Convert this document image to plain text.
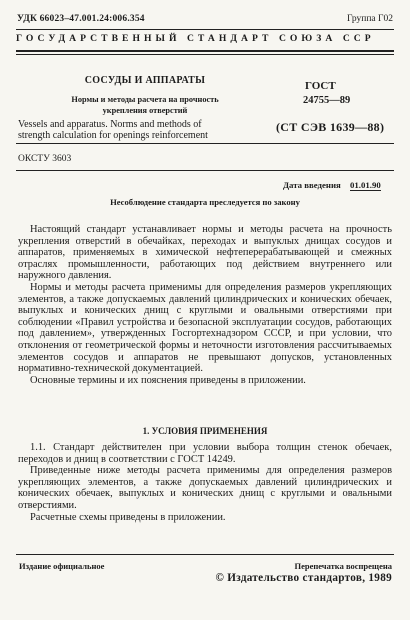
УДК 66023–47.001.24:006.354	Группа Г02
ГОСУДАРСТВЕННЫЙ СТАНДАРТ СОЮЗА ССР
СОСУДЫ И АППАРАТЫ
Нормы и методы расчета на прочность
укрепления отверстий
Vessels and apparatus. Norms and methods of
strength calculation for openings reinforcement
ГОСТ
24755—89
(СТ СЭВ 1639—88)
ОКСТУ 3603
Дата введения 01.01.90
Несоблюдение стандарта преследуется по закону

Настоящий стандарт устанавливает нормы и методы расчета на прочность укрепления отверстий в обечайках, переходах и выпуклых днищах сосудов и аппаратов, применяемых в химической нефтеперерабатывающей и смежных отраслях промышленности, работающих под действием внутреннего или наружного давления.

Нормы и методы расчета применимы для определения размеров укрепляющих элементов, а также допускаемых давлений цилиндрических и конических обечаек, выпуклых и конических днищ с круглыми и овальными отверстиями при соблюдении «Правил устройства и безопасной эксплуатации сосудов, работающих под давлением», утвержденных Госгортехнадзором СССР, и при условии, что отклонения от геометрической формы и неточности изготовления рассчитываемых элементов сосудов и аппаратов не превышают допусков, установленных нормативно-технической документацией.

Основные термины и их пояснения приведены в приложении.

1. УСЛОВИЯ ПРИМЕНЕНИЯ

1.1. Стандарт действителен при условии выбора толщин стенок обечаек, переходов и днищ в соответствии с ГОСТ 14249.

Приведенные ниже методы расчета применимы для определения размеров укрепляющих элементов, а также допускаемых давлений цилиндрических и конических обечаек, выпуклых и конических днищ с круглыми и овальными отверстиями.

Расчетные схемы приведены в приложении.

Издание официальное	Перепечатка воспрещена
© Издательство стандартов, 1989
